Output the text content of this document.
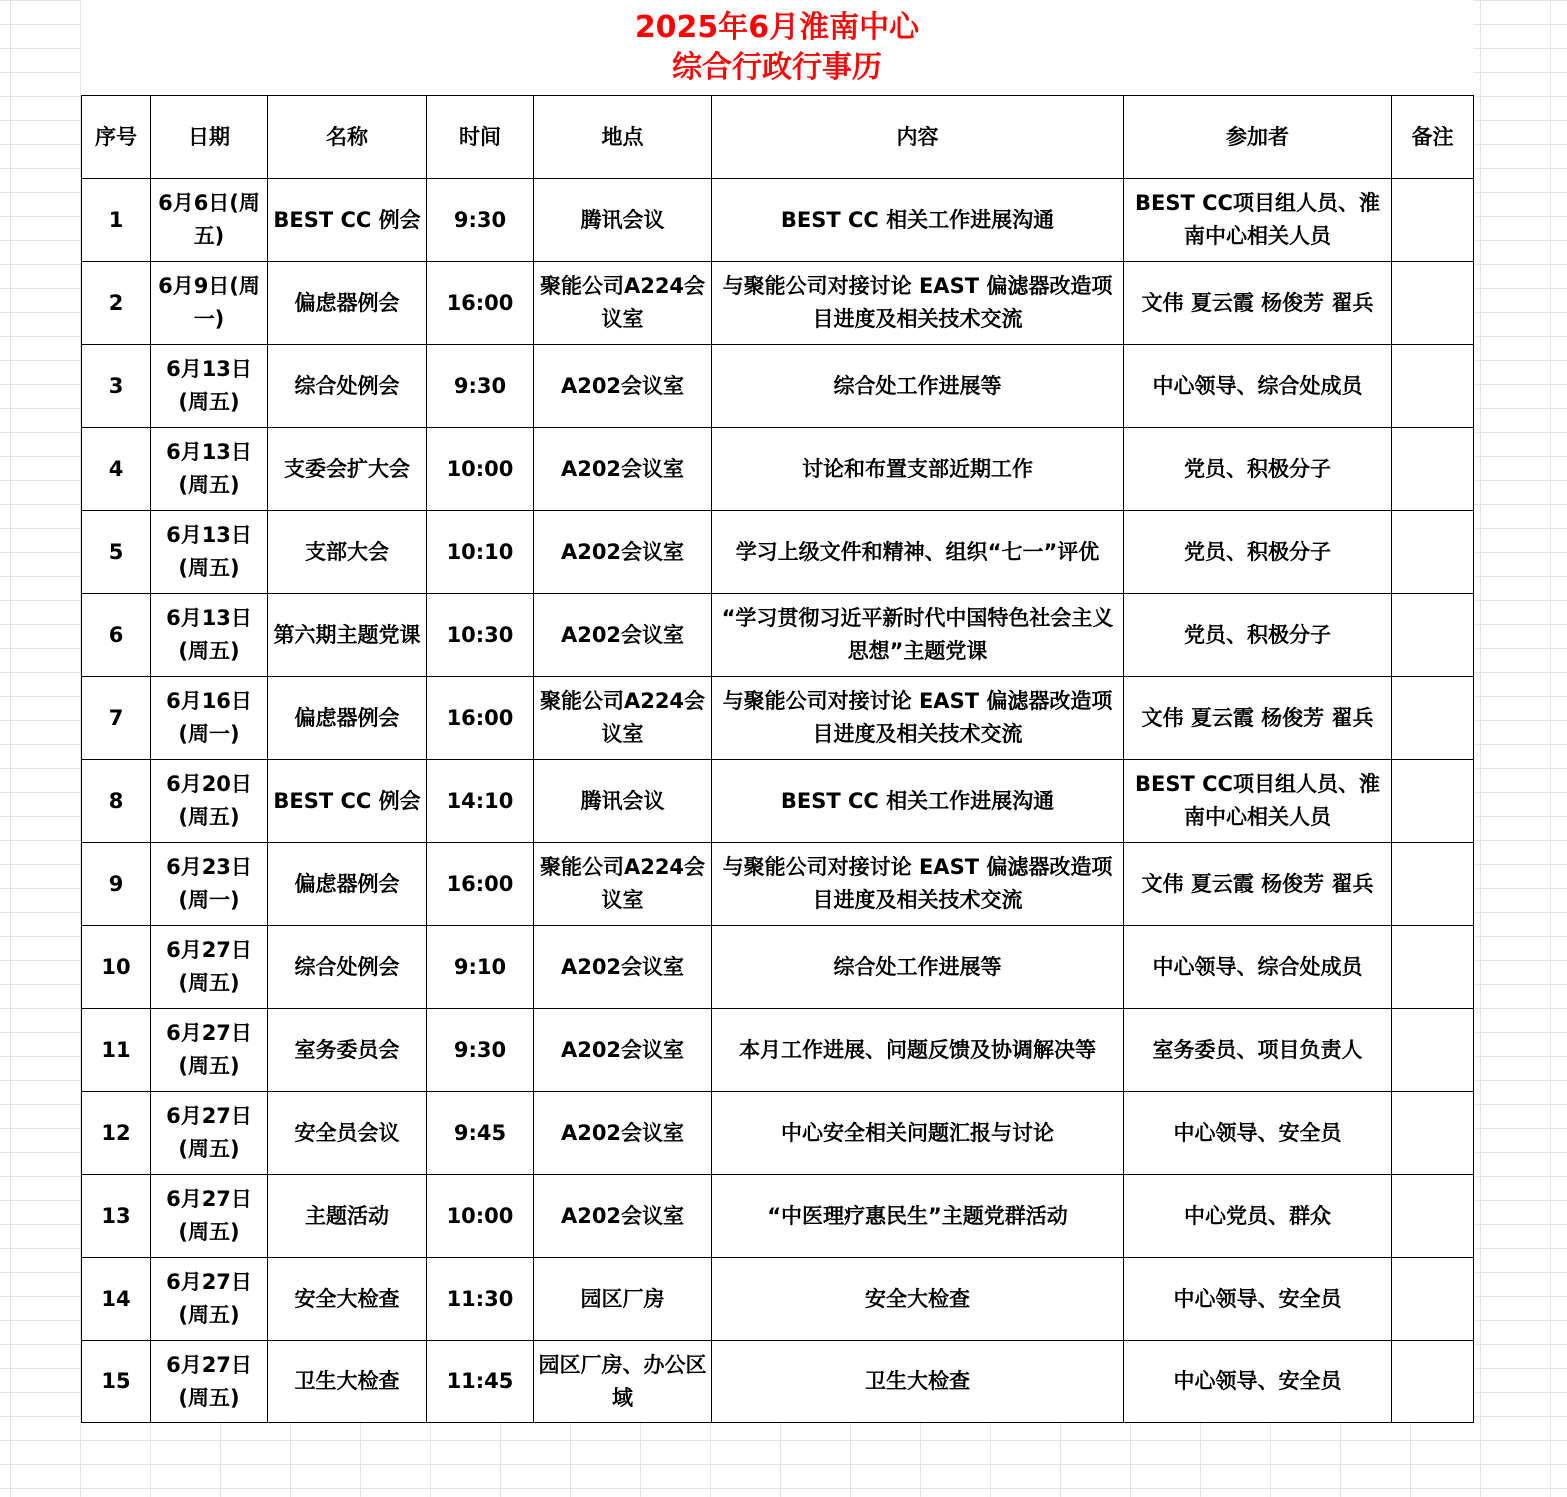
2025年6月淮南中心
综合行政行事历
序号	日期	名称	时间	地点	内容	参加者	备注
1	6月6日(周五)	BEST CC 例会	9:30	腾讯会议	BEST CC 相关工作进展沟通	BEST CC项目组人员、淮南中心相关人员	
2	6月9日(周一)	偏虑器例会	16:00	聚能公司A224会议室	与聚能公司对接讨论 EAST 偏滤器改造项目进度及相关技术交流	文伟 夏云霞 杨俊芳 翟兵	
3	6月13日(周五)	综合处例会	9:30	A202会议室	综合处工作进展等	中心领导、综合处成员	
4	6月13日(周五)	支委会扩大会	10:00	A202会议室	讨论和布置支部近期工作	党员、积极分子	
5	6月13日(周五)	支部大会	10:10	A202会议室	学习上级文件和精神、组织“七一”评优	党员、积极分子	
6	6月13日(周五)	第六期主题党课	10:30	A202会议室	“学习贯彻习近平新时代中国特色社会主义思想”主题党课	党员、积极分子	
7	6月16日(周一)	偏虑器例会	16:00	聚能公司A224会议室	与聚能公司对接讨论 EAST 偏滤器改造项目进度及相关技术交流	文伟 夏云霞 杨俊芳 翟兵	
8	6月20日(周五)	BEST CC 例会	14:10	腾讯会议	BEST CC 相关工作进展沟通	BEST CC项目组人员、淮南中心相关人员	
9	6月23日(周一)	偏虑器例会	16:00	聚能公司A224会议室	与聚能公司对接讨论 EAST 偏滤器改造项目进度及相关技术交流	文伟 夏云霞 杨俊芳 翟兵	
10	6月27日(周五)	综合处例会	9:10	A202会议室	综合处工作进展等	中心领导、综合处成员	
11	6月27日(周五)	室务委员会	9:30	A202会议室	本月工作进展、问题反馈及协调解决等	室务委员、项目负责人	
12	6月27日(周五)	安全员会议	9:45	A202会议室	中心安全相关问题汇报与讨论	中心领导、安全员	
13	6月27日(周五)	主题活动	10:00	A202会议室	“中医理疗惠民生”主题党群活动	中心党员、群众	
14	6月27日(周五)	安全大检查	11:30	园区厂房	安全大检查	中心领导、安全员	
15	6月27日(周五)	卫生大检查	11:45	园区厂房、办公区域	卫生大检查	中心领导、安全员	
